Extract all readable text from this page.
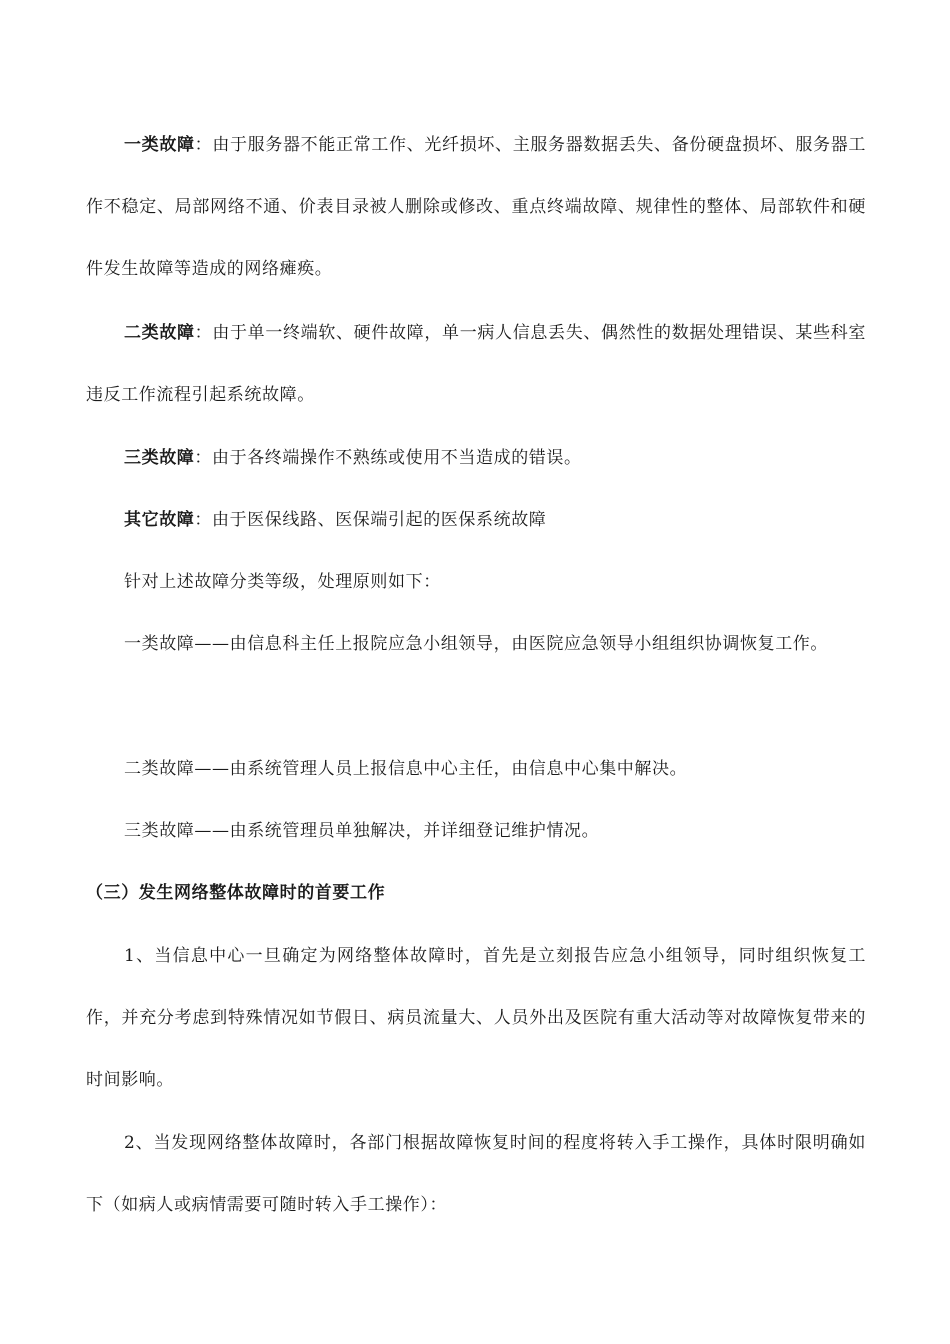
一类故障：由于服务器不能正常工作、光纤损坏、主服务器数据丢失、备份硬盘损坏、服务器工作不稳定、局部网络不通、价表目录被人删除或修改、重点终端故障、规律性的整体、局部软件和硬件发生故障等造成的网络瘫痪。

二类故障：由于单一终端软、硬件故障，单一病人信息丢失、偶然性的数据处理错误、某些科室违反工作流程引起系统故障。

三类故障：由于各终端操作不熟练或使用不当造成的错误。

其它故障：由于医保线路、医保端引起的医保系统故障

针对上述故障分类等级，处理原则如下：

一类故障——由信息科主任上报院应急小组领导，由医院应急领导小组组织协调恢复工作。

二类故障——由系统管理人员上报信息中心主任，由信息中心集中解决。

三类故障——由系统管理员单独解决，并详细登记维护情况。

（三）发生网络整体故障时的首要工作

1、当信息中心一旦确定为网络整体故障时，首先是立刻报告应急小组领导，同时组织恢复工作，并充分考虑到特殊情况如节假日、病员流量大、人员外出及医院有重大活动等对故障恢复带来的时间影响。

2、当发现网络整体故障时，各部门根据故障恢复时间的程度将转入手工操作，具体时限明确如下（如病人或病情需要可随时转入手工操作）：
